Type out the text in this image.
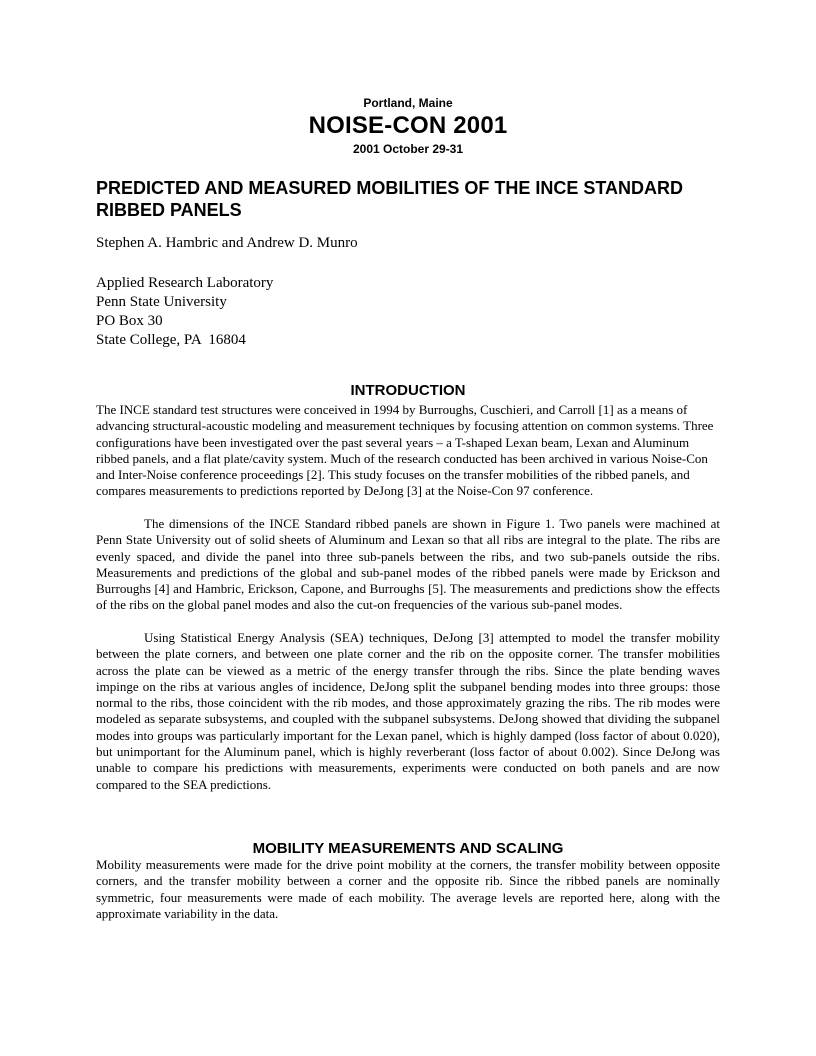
Portland, Maine
NOISE-CON 2001
2001 October 29-31
PREDICTED AND MEASURED MOBILITIES OF THE INCE STANDARD RIBBED PANELS

Stephen A. Hambric and Andrew D. Munro

Applied Research Laboratory
Penn State University
PO Box 30
State College, PA  16804
INTRODUCTION

The INCE standard test structures were conceived in 1994 by Burroughs, Cuschieri, and Carroll [1] as a means of advancing structural-acoustic modeling and measurement techniques by focusing attention on common systems. Three configurations have been investigated over the past several years – a T-shaped Lexan beam, Lexan and Aluminum ribbed panels, and a flat plate/cavity system. Much of the research conducted has been archived in various Noise-Con and Inter-Noise conference proceedings [2]. This study focuses on the transfer mobilities of the ribbed panels, and compares measurements to predictions reported by DeJong [3] at the Noise-Con 97 conference.

The dimensions of the INCE Standard ribbed panels are shown in Figure 1. Two panels were machined at Penn State University out of solid sheets of Aluminum and Lexan so that all ribs are integral to the plate. The ribs are evenly spaced, and divide the panel into three sub-panels between the ribs, and two sub-panels outside the ribs. Measurements and predictions of the global and sub-panel modes of the ribbed panels were made by Erickson and Burroughs [4] and Hambric, Erickson, Capone, and Burroughs [5]. The measurements and predictions show the effects of the ribs on the global panel modes and also the cut-on frequencies of the various sub-panel modes.

Using Statistical Energy Analysis (SEA) techniques, DeJong [3] attempted to model the transfer mobility between the plate corners, and between one plate corner and the rib on the opposite corner. The transfer mobilities across the plate can be viewed as a metric of the energy transfer through the ribs. Since the plate bending waves impinge on the ribs at various angles of incidence, DeJong split the subpanel bending modes into three groups: those normal to the ribs, those coincident with the rib modes, and those approximately grazing the ribs. The rib modes were modeled as separate subsystems, and coupled with the subpanel subsystems. DeJong showed that dividing the subpanel modes into groups was particularly important for the Lexan panel, which is highly damped (loss factor of about 0.020), but unimportant for the Aluminum panel, which is highly reverberant (loss factor of about 0.002). Since DeJong was unable to compare his predictions with measurements, experiments were conducted on both panels and are now compared to the SEA predictions.

MOBILITY MEASUREMENTS AND SCALING

Mobility measurements were made for the drive point mobility at the corners, the transfer mobility between opposite corners, and the transfer mobility between a corner and the opposite rib. Since the ribbed panels are nominally symmetric, four measurements were made of each mobility. The average levels are reported here, along with the approximate variability in the data.
